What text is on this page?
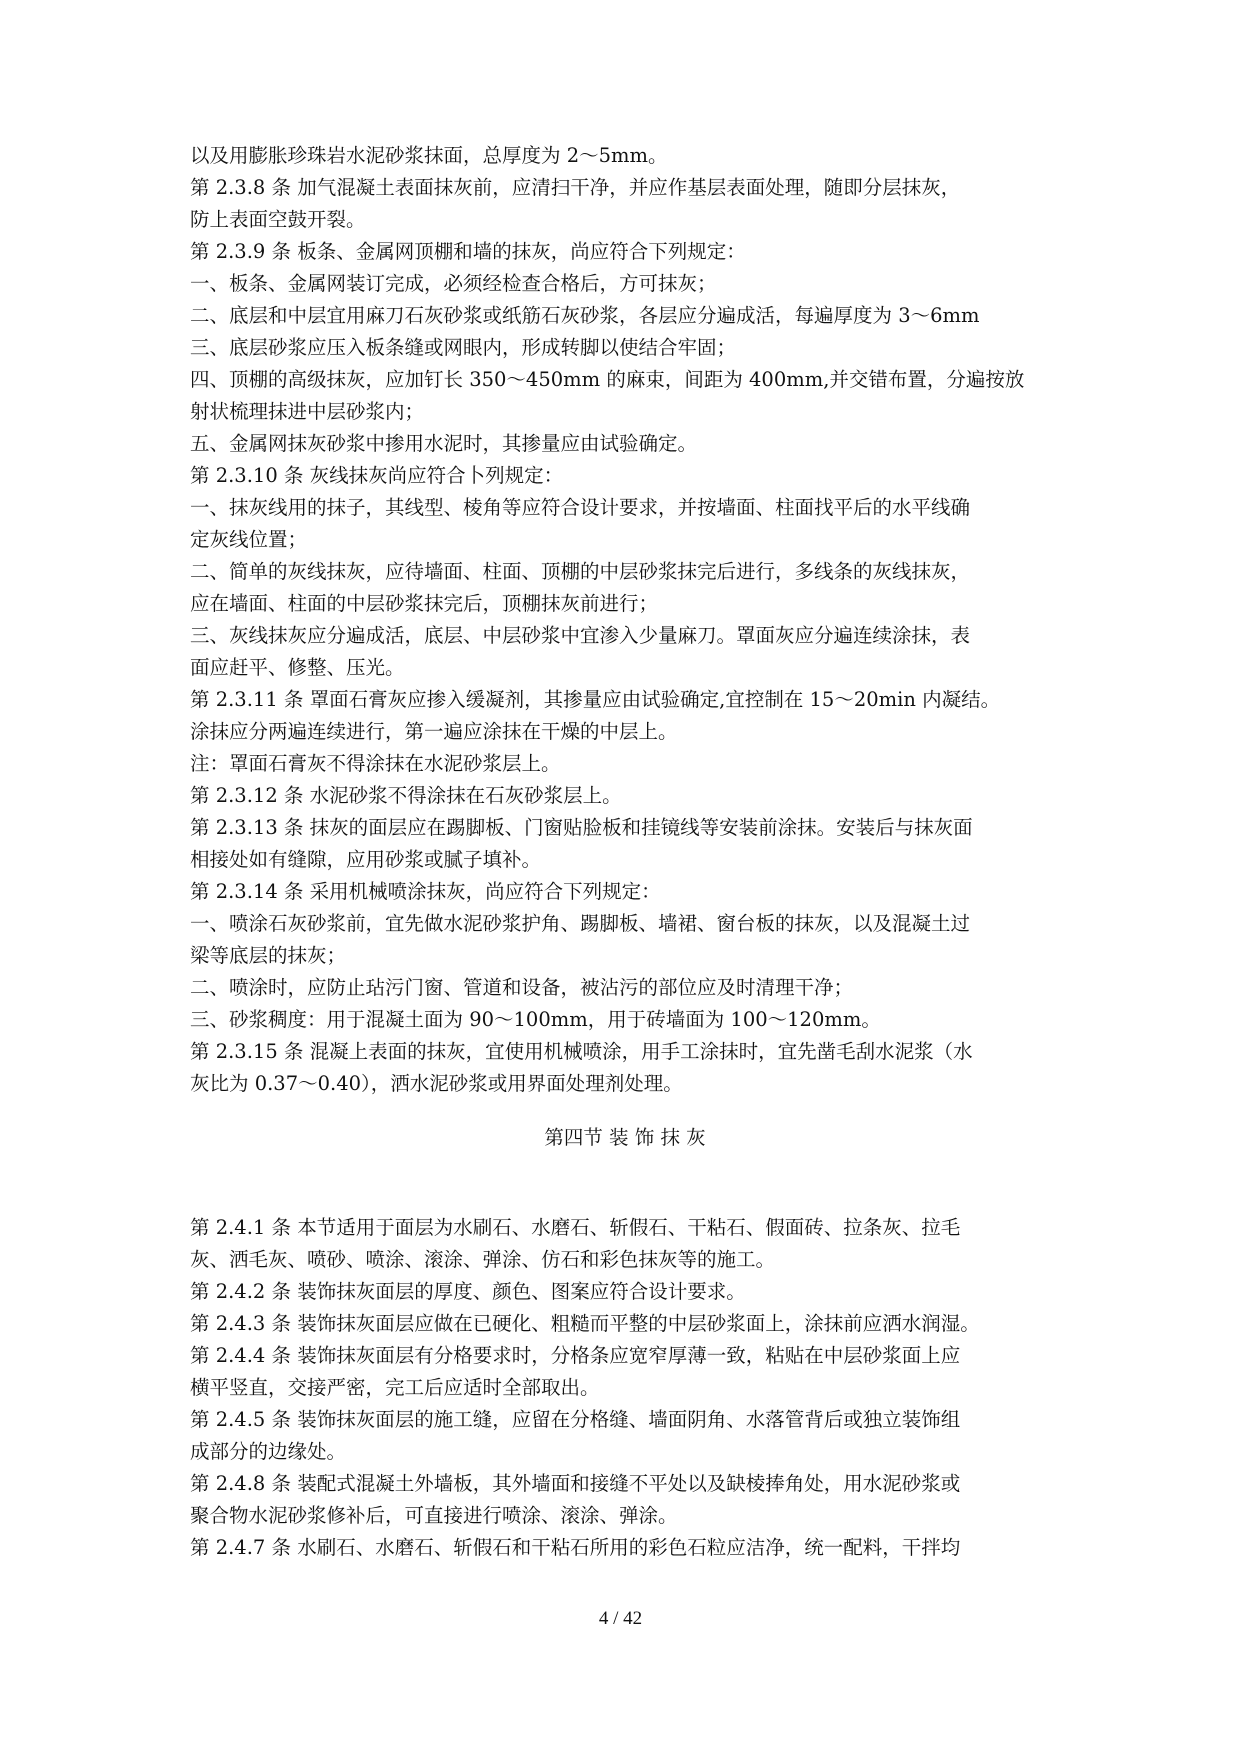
以及用膨胀珍珠岩水泥砂浆抹面，总厚度为 2～5mm。
第 2.3.8 条 加气混凝土表面抹灰前，应清扫干净，并应作基层表面处理，随即分层抹灰，
防上表面空鼓开裂。
第 2.3.9 条 板条、金属网顶棚和墙的抹灰，尚应符合下列规定：
一、板条、金属网装订完成，必须经检查合格后，方可抹灰；
二、底层和中层宜用麻刀石灰砂浆或纸筋石灰砂浆，各层应分遍成活，每遍厚度为 3～6mm
三、底层砂浆应压入板条缝或网眼内，形成转脚以使结合牢固；
四、顶棚的高级抹灰，应加钉长 350～450mm 的麻束，间距为 400mm,并交错布置，分遍按放
射状梳理抹进中层砂浆内；
五、金属网抹灰砂浆中掺用水泥时，其掺量应由试验确定。
第 2.3.10 条 灰线抹灰尚应符合卜列规定：
一、抹灰线用的抹子，其线型、棱角等应符合设计要求，并按墙面、柱面找平后的水平线确
定灰线位置；
二、简单的灰线抹灰，应待墙面、柱面、顶棚的中层砂浆抹完后进行，多线条的灰线抹灰，
应在墙面、柱面的中层砂浆抹完后，顶棚抹灰前进行；
三、灰线抹灰应分遍成活，底层、中层砂浆中宜渗入少量麻刀。罩面灰应分遍连续涂抹，表
面应赶平、修整、压光。
第 2.3.11 条 罩面石膏灰应掺入缓凝剂，其掺量应由试验确定,宜控制在 15～20min 内凝结。
涂抹应分两遍连续进行，第一遍应涂抹在干燥的中层上。
注：罩面石膏灰不得涂抹在水泥砂浆层上。
第 2.3.12 条 水泥砂浆不得涂抹在石灰砂浆层上。
第 2.3.13 条 抹灰的面层应在踢脚板、门窗贴脸板和挂镜线等安装前涂抹。安装后与抹灰面
相接处如有缝隙，应用砂浆或腻子填补。
第 2.3.14 条 采用机械喷涂抹灰，尚应符合下列规定：
一、喷涂石灰砂浆前，宜先做水泥砂浆护角、踢脚板、墙裙、窗台板的抹灰，以及混凝土过
梁等底层的抹灰；
二、喷涂时，应防止玷污门窗、管道和设备，被沾污的部位应及时清理干净；
三、砂浆稠度：用于混凝土面为 90～100mm，用于砖墙面为 100～120mm。
第 2.3.15 条 混凝上表面的抹灰，宜使用机械喷涂，用手工涂抹时，宜先凿毛刮水泥浆（水
灰比为 0.37～0.40），洒水泥砂浆或用界面处理剂处理。
第四节 装 饰 抹 灰
第 2.4.1 条 本节适用于面层为水刷石、水磨石、斩假石、干粘石、假面砖、拉条灰、拉毛
灰、洒毛灰、喷砂、喷涂、滚涂、弹涂、仿石和彩色抹灰等的施工。
第 2.4.2 条 装饰抹灰面层的厚度、颜色、图案应符合设计要求。
第 2.4.3 条 装饰抹灰面层应做在已硬化、粗糙而平整的中层砂浆面上，涂抹前应洒水润湿。
第 2.4.4 条 装饰抹灰面层有分格要求时，分格条应宽窄厚薄一致，粘贴在中层砂浆面上应
横平竖直，交接严密，完工后应适时全部取出。
第 2.4.5 条 装饰抹灰面层的施工缝，应留在分格缝、墙面阴角、水落管背后或独立装饰组
成部分的边缘处。
第 2.4.8 条 装配式混凝土外墙板，其外墙面和接缝不平处以及缺棱捧角处，用水泥砂浆或
聚合物水泥砂浆修补后，可直接进行喷涂、滚涂、弹涂。
第 2.4.7 条 水刷石、水磨石、斩假石和干粘石所用的彩色石粒应洁净，统一配料，干拌均
4 / 42
